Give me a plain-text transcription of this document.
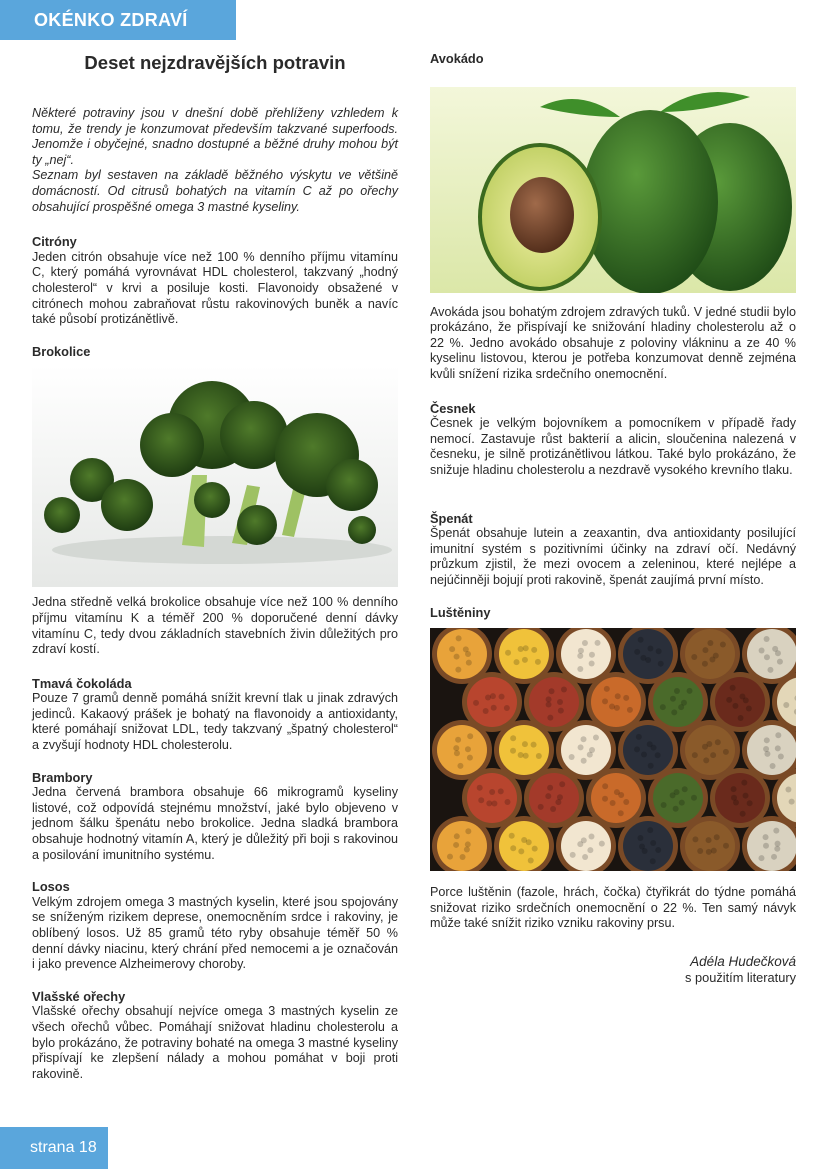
OKÉNKO ZDRAVÍ
Deset nejzdravějších potravin

Některé potraviny jsou v dnešní době přehlíženy vzhledem k tomu, že trendy je konzumovat především takzvané superfoods. Jenomže i obyčejné, snadno dostupné a běžné druhy mohou být ty „nej“.

Seznam byl sestaven na základě běžného výskytu ve většině domácností. Od citrusů bohatých na vitamín C až po ořechy obsahující prospěšné omega 3 mastné kyseliny.

Citróny

Jeden citrón obsahuje více než 100 % denního příjmu vitamínu C, který pomáhá vyrovnávat HDL cholesterol, takzvaný „hodný cholesterol“ v krvi a posiluje kosti. Flavonoidy obsažené v citrónech mohou zabraňovat růstu rakovinových buněk a navíc také působí protizánětlivě.

Brokolice

Jedna středně velká brokolice obsahuje více než 100 % denního příjmu vitamínu K a téměř 200 % doporučené denní dávky vitamínu C, tedy dvou základních stavebních živin důležitých pro zdraví kostí.

Tmavá čokoláda

Pouze 7 gramů denně pomáhá snížit krevní tlak u jinak zdravých jedinců. Kakaový prášek je bohatý na flavonoidy a antioxidanty, které pomáhají snižovat LDL, tedy takzvaný „špatný cholesterol“ a zvyšují hodnoty HDL cholesterolu.

Brambory

Jedna červená brambora obsahuje 66 mikrogramů kyseliny listové, což odpovídá stejnému množství, jaké bylo objeveno v jednom šálku špenátu nebo brokolice. Jedna sladká brambora obsahuje hodnotný vitamín A, který je důležitý při boji s rakovinou a posilování imunitního systému.

Losos

Velkým zdrojem omega 3 mastných kyselin, které jsou spojovány se sníženým rizikem deprese, onemocněním srdce i rakoviny, je oblíbený losos. Už 85 gramů této ryby obsahuje téměř 50 % denní dávky niacinu, který chrání před nemocemi a je označován i jako prevence Alzheimerovy choroby.

Vlašské ořechy

Vlašské ořechy obsahují nejvíce omega 3 mastných kyselin ze všech ořechů vůbec. Pomáhají snižovat hladinu cholesterolu a bylo prokázáno, že potraviny bohaté na omega 3 mastné kyseliny přispívají ke zlepšení nálady a mohou pomáhat v boji proti rakovině.

Avokádo

Avokáda jsou bohatým zdrojem zdravých tuků. V jedné studii bylo prokázáno, že přispívají ke snižování hladiny cholesterolu až o 22 %. Jedno avokádo obsahuje z poloviny vlákninu a ze 40 % kyselinu listovou, kterou je potřeba konzumovat denně zejména kvůli snížení rizika srdečního onemocnění.

Česnek

Česnek je velkým bojovníkem a pomocníkem v případě řady nemocí. Zastavuje růst bakterií a alicin, sloučenina nalezená v česneku, je silně protizánětlivou látkou. Také bylo prokázáno, že snižuje hladinu cholesterolu a nezdravě vysokého krevního tlaku.

Špenát

Špenát obsahuje lutein a zeaxantin, dva antioxidanty posilující imunitní systém s pozitivními účinky na zdraví očí. Nedávný průzkum zjistil, že mezi ovocem a zeleninou, které nejlépe a nejúčinněji bojují proti rakovině, špenát zaujímá první místo.

Luštěniny

Porce luštěnin (fazole, hrách, čočka) čtyřikrát do týdne pomáhá snižovat riziko srdečních onemocnění o 22 %. Ten samý návyk může také snížit riziko vzniku rakoviny prsu.

Adéla Hudečková
s použitím literatury
strana 18
